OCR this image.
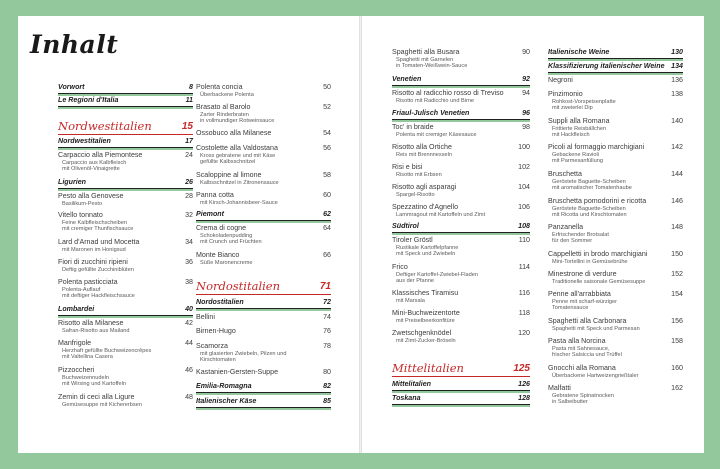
Inhalt
Vorwort	8
Le Regioni d'Italia	11
Nordwestitalien	15
Nordwestitalien	17
Carpaccio alla Piemontese	24
Carpaccio aus Kalbfleisch
mit Olivenöl-Vinaigrette
Liguriеn	26
Pesto alla Genovese	28
Basilikum-Pesto
Vitello tonnato	32
Feine Kalbfleischscheiben
mit cremiger Thunfischsauce
Lard d'Arnad und Mocetta	34
mit Maronen im Honigsud
Fiori di zucchini ripieni	36
Deftig gefüllte Zucchiniblüten
Polenta pasticciata	38
Polenta-Auflauf
mit deftiger Hackfleischsauce
Lombardei	40
Risotto alla Milanese	42
Safran-Risotto aus Mailand
Manfrigole	44
Herzhaft gefüllte Buchweizencrêpes
mit Valtellina Casera
Pizzoccheri	46
Buchweizennudeln
mit Wirsing und Kartoffeln
Zemin di ceci alla Ligure	48
Gemüsesuppe mit Kichererbsen
Polenta concia	50
Überbackene Polenta
Brasato al Barolo	52
Zarter Rinderbraten
in vollmundiger Rotweinsauce
Ossobuco alla Milanese	54
Costolette alla Valdostana	56
Kross gebratene und mit Käse
gefüllte Kalbsschnitzel
Scaloppine al limone	58
Kalbsschnitzel in Zitronensauce
Panna cotta	60
mit Kirsch-Johannisbeer-Sauce
Piemont	62
Crema di cogne	64
Schokoladenpudding
mit Crunch und Früchten
Monte Bianco	66
Süße Maronencreme
Nordostitalien	71
Nordostitalien	72
Bellini	74
Birnen-Hugo	76
Scamorza	78
mit glasierten Zwiebeln, Pilzen und
Kirschtomaten
Kastanien-Gersten-Suppe	80
Emilia-Romagna	82
Italienischer Käse	85
Spaghetti alla Busara	90
Spaghetti mit Garnelen
in Tomaten-Weißwein-Sauce
Venetien	92
Risotto al radicchio rosso di Treviso	94
Risotto mit Radicchio und Birne
Friaul-Julisch Venetien	96
Toc' in braide	98
Polenta mit cremiger Käsesauce
Risotto alla Ortiche	100
Reis mit Brennnesseln
Risi e bisi	102
Risotto mit Erbsen
Risotto agli asparagi	104
Spargel-Risotto
Spezzatino d'Agnello	106
Lammragout mit Kartoffeln und Zimt
Südtirol	108
Tiroler Gröstl	110
Rustikale Kartoffelpfanne
mit Speck und Zwiebeln
Frico	114
Deftiger Kartoffel-Zwiebel-Fladen
aus der Pfanne
Klassisches Tiramisu	116
mit Marsala
Mini-Buchweizentorte	118
mit Preiselbeerkonfitüre
Zwetschgenknödel	120
mit Zimt-Zucker-Bröseln
Mittelitalien	125
Mittelitalien	126
Toskana	128
Italienische Weine	130
Klassifizierung italienischer Weine 134
Negroni	136
Pinzimonio	138
Rohkost-Vorspeisenplatte
mit zweierlei Dip
Suppli alla Romana	140
Frittierte Reisbällchen
mit Hackfleisch
Picoli al formaggio marchigiani	142
Gebackene Ravioli
mit Parmesanfüllung
Bruschetta	144
Geröstete Baguette-Scheiben
mit aromatischer Tomatenhaube
Bruschetta pomodorini e ricotta	146
Geröstete Baguette-Scheiben
mit Ricotta und Kirschtomaten
Panzanella	148
Erfrischender Brotsalat
für den Sommer
Cappelletti in brodo marchigiani	150
Mini-Tortellini in Gemüsebrühe
Minestrone di verdure	152
Traditionelle saisonale Gemüsesuppe
Penne all'arrabbiata	154
Penne mit scharf-würziger
Tomatensauce
Spaghetti alla Carbonara	156
Spaghetti mit Speck und Parmesan
Pasta alla Norcina	158
Pasta mit Sahnesauce,
frischer Salsiccia und Trüffel
Gnocchi alla Romana	160
Überbackene Hartweizengrießtaler
Malfatti	162
Gebratene Spinatnocken
in Salbeibutter
